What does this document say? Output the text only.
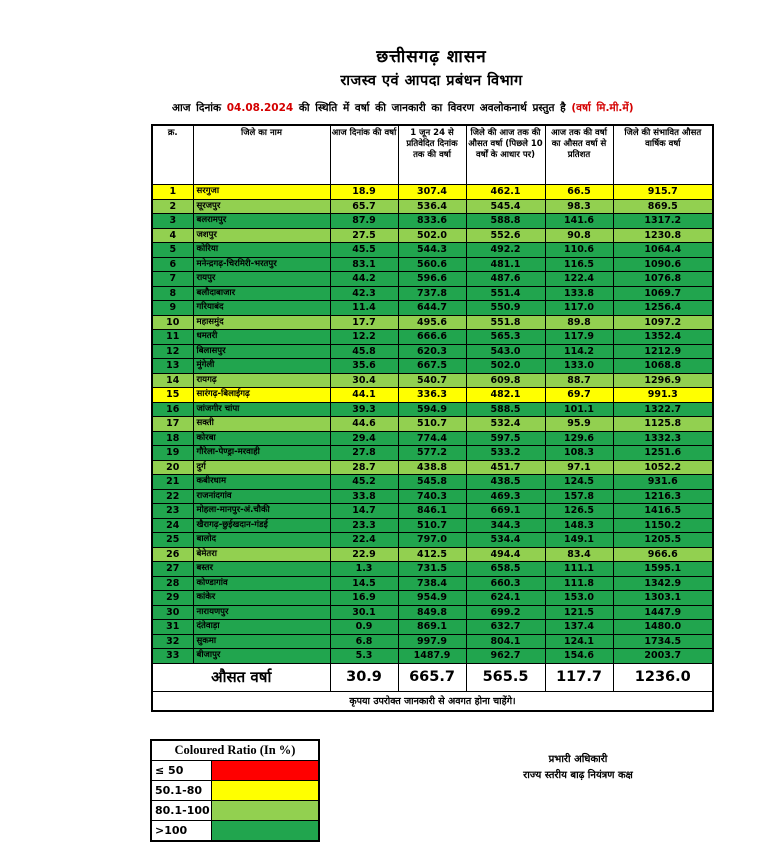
छत्तीसगढ़ शासन
राजस्व एवं आपदा प्रबंधन विभाग
आज दिनांक 04.08.2024 की स्थिति में वर्षा की जानकारी का विवरण अवलोकनार्थ प्रस्तुत है (वर्षा मि.मी.में)
क्र.	जिले का नाम	आज दिनांक की वर्षा	1 जून 24 से प्रतिवेदित दिनांक तक की वर्षा	जिले की आज तक की औसत वर्षा (पिछले 10 वर्षों के आधार पर)	आज तक की वर्षा का औसत वर्षा से प्रतिशत	जिले की संभावित औसत वार्षिक वर्षा
1	सरगुजा	18.9	307.4	462.1	66.5	915.7
2	सूरजपुर	65.7	536.4	545.4	98.3	869.5
3	बलरामपुर	87.9	833.6	588.8	141.6	1317.2
4	जशपुर	27.5	502.0	552.6	90.8	1230.8
5	कोरिया	45.5	544.3	492.2	110.6	1064.4
6	मनेन्द्रगढ़-चिरमिरी-भरतपुर	83.1	560.6	481.1	116.5	1090.6
7	रायपुर	44.2	596.6	487.6	122.4	1076.8
8	बलौदाबाजार	42.3	737.8	551.4	133.8	1069.7
9	गरियाबंद	11.4	644.7	550.9	117.0	1256.4
10	महासमुंद	17.7	495.6	551.8	89.8	1097.2
11	धमतरी	12.2	666.6	565.3	117.9	1352.4
12	बिलासपुर	45.8	620.3	543.0	114.2	1212.9
13	मुंगेली	35.6	667.5	502.0	133.0	1068.8
14	रायगढ़	30.4	540.7	609.8	88.7	1296.9
15	सारंगढ़-बिलाईगढ़	44.1	336.3	482.1	69.7	991.3
16	जांजगीर चांपा	39.3	594.9	588.5	101.1	1322.7
17	सक्ती	44.6	510.7	532.4	95.9	1125.8
18	कोरबा	29.4	774.4	597.5	129.6	1332.3
19	गौरेला-पेण्ड्रा-मरवाही	27.8	577.2	533.2	108.3	1251.6
20	दुर्ग	28.7	438.8	451.7	97.1	1052.2
21	कबीरधाम	45.2	545.8	438.5	124.5	931.6
22	राजनांदगांव	33.8	740.3	469.3	157.8	1216.3
23	मोहला-मानपुर-अं.चौकी	14.7	846.1	669.1	126.5	1416.5
24	खैरागढ़-छुईखदान-गंडई	23.3	510.7	344.3	148.3	1150.2
25	बालोद	22.4	797.0	534.4	149.1	1205.5
26	बेमेतरा	22.9	412.5	494.4	83.4	966.6
27	बस्तर	1.3	731.5	658.5	111.1	1595.1
28	कोण्डागांव	14.5	738.4	660.3	111.8	1342.9
29	कांकेर	16.9	954.9	624.1	153.0	1303.1
30	नारायणपुर	30.1	849.8	699.2	121.5	1447.9
31	दंतेवाड़ा	0.9	869.1	632.7	137.4	1480.0
32	सुकमा	6.8	997.9	804.1	124.1	1734.5
33	बीजापुर	5.3	1487.9	962.7	154.6	2003.7
औसत वर्षा		30.9	665.7	565.5	117.7	1236.0
कृपया उपरोक्त जानकारी से अवगत होना चाहेंगे।						
Coloured Ratio (In %)	
≤ 50	
50.1-80	
80.1-100	
>100	
प्रभारी अधिकारी
राज्य स्तरीय बाढ़ नियंत्रण कक्ष
